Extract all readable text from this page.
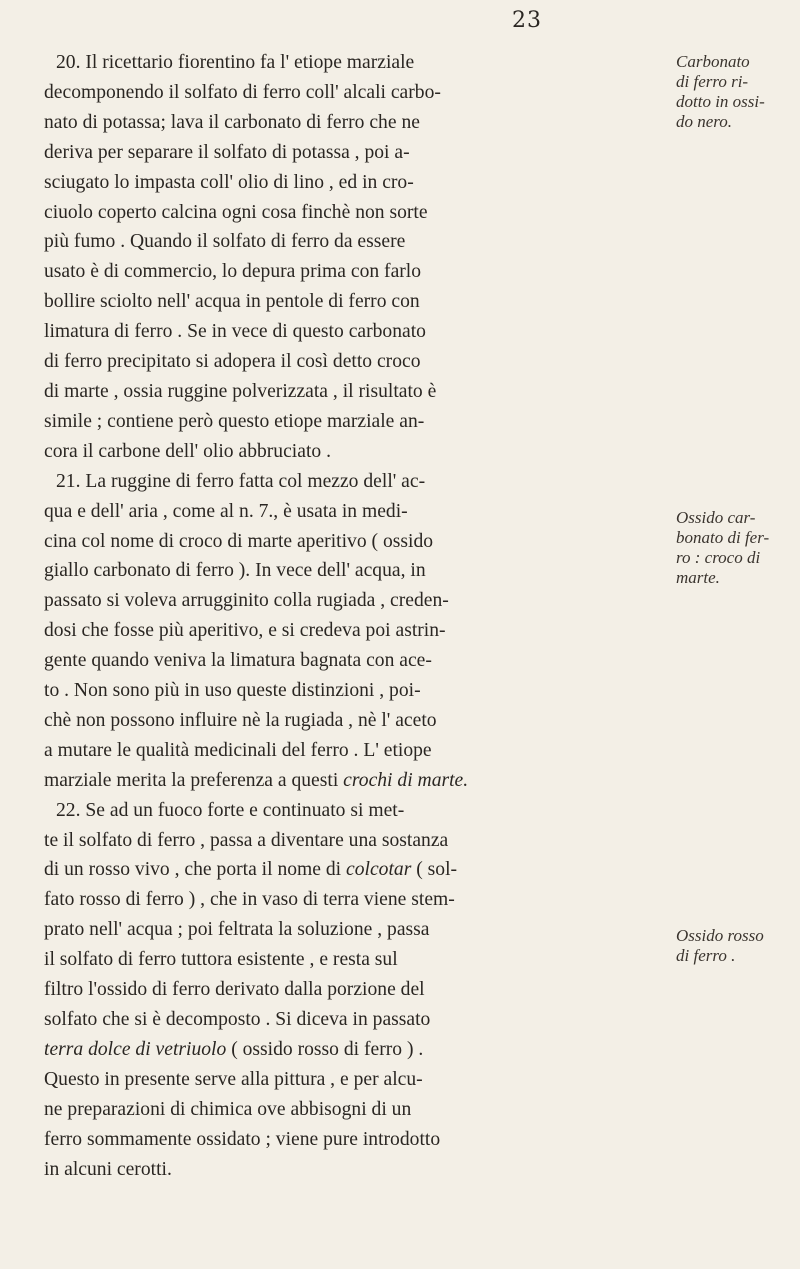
23
20. Il ricettario fiorentino fa l' etiope marziale
decomponendo il solfato di ferro coll' alcali carbo-
nato di potassa; lava il carbonato di ferro che ne
deriva per separare il solfato di potassa , poi a-
sciugato lo impasta coll' olio di lino , ed in cro-
ciuolo coperto calcina ogni cosa finchè non sorte
più fumo . Quando il solfato di ferro da essere
usato è di commercio, lo depura prima con farlo
bollire sciolto nell' acqua in pentole di ferro con
limatura di ferro . Se in vece di questo carbonato
di ferro precipitato si adopera il così detto croco
di marte , ossia ruggine polverizzata , il risultato è
simile ; contiene però questo etiope marziale an-
cora il carbone dell' olio abbruciato .
21. La ruggine di ferro fatta col mezzo dell' ac-
qua e dell' aria , come al n. 7., è usata in medi-
cina col nome di croco di marte aperitivo ( ossido
giallo carbonato di ferro ). In vece dell' acqua, in
passato si voleva arrugginito colla rugiada , creden-
dosi che fosse più aperitivo, e si credeva poi astrin-
gente quando veniva la limatura bagnata con ace-
to . Non sono più in uso queste distinzioni , poi-
chè non possono influire nè la rugiada , nè l' aceto
a mutare le qualità medicinali del ferro . L' etiope
marziale merita la preferenza a questi crochi di marte.
22. Se ad un fuoco forte e continuato si met-
te il solfato di ferro , passa a diventare una sostanza
di un rosso vivo , che porta il nome di colcotar ( sol-
fato rosso di ferro ) , che in vaso di terra viene stem-
prato nell' acqua ; poi feltrata la soluzione , passa
il solfato di ferro tuttora esistente , e resta sul
filtro l'ossido di ferro derivato dalla porzione del
solfato che si è decomposto . Si diceva in passato
terra dolce di vetriuolo ( ossido rosso di ferro ) .
Questo in presente serve alla pittura , e per alcu-
ne preparazioni di chimica ove abbisogni di un
ferro sommamente ossidato ; viene pure introdotto
in alcuni cerotti.
Carbonato
di ferro ri-
dotto in ossi-
do nero.
Ossido car-
bonato di fer-
ro : croco di
marte.
Ossido rosso
di ferro .
